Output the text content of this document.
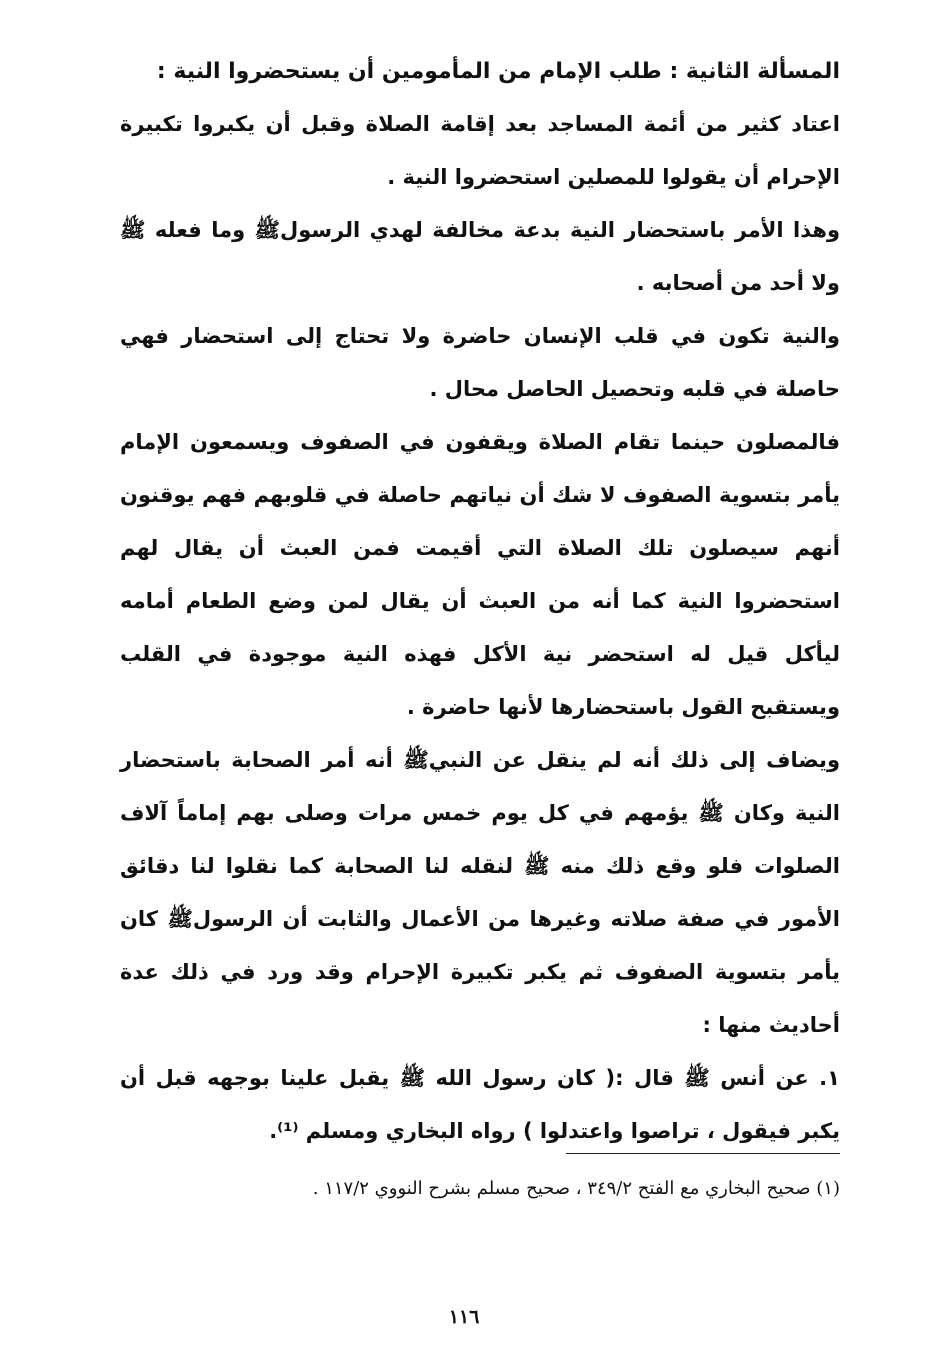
المسألة الثانية : طلب الإمام من المأمومين أن يستحضروا النية :

اعتاد كثير من أئمة المساجد بعد إقامة الصلاة وقبل أن يكبروا تكبيرة الإحرام أن يقولوا للمصلين استحضروا النية .

وهذا الأمر باستحضار النية بدعة مخالفة لهدي الرسولﷺ وما فعله ﷺ ولا أحد من أصحابه .

والنية تكون في قلب الإنسان حاضرة ولا تحتاج إلى استحضار فهي حاصلة في قلبه وتحصيل الحاصل محال .

فالمصلون حينما تقام الصلاة ويقفون في الصفوف ويسمعون الإمام يأمر بتسوية الصفوف لا شك أن نياتهم حاصلة في قلوبهم فهم يوقنون أنهم سيصلون تلك الصلاة التي أقيمت فمن العبث أن يقال لهم استحضروا النية كما أنه من العبث أن يقال لمن وضع الطعام أمامه ليأكل قيل له استحضر نية الأكل فهذه النية موجودة في القلب ويستقبح القول باستحضارها لأنها حاضرة .

ويضاف إلى ذلك أنه لم ينقل عن النبيﷺ أنه أمر الصحابة باستحضار النية وكان ﷺ يؤمهم في كل يوم خمس مرات وصلى بهم إماماً آلاف الصلوات فلو وقع ذلك منه ﷺ لنقله لنا الصحابة كما نقلوا لنا دقائق الأمور في صفة صلاته وغيرها من الأعمال والثابت أن الرسولﷺ كان يأمر بتسوية الصفوف ثم يكبر تكبيرة الإحرام وقد ورد في ذلك عدة أحاديث منها :

١. عن أنس ﷺ قال :( كان رسول الله ﷺ يقبل علينا بوجهه قبل أن يكبر فيقول ، تراصوا واعتدلوا ) رواه البخاري ومسلم ⁽¹⁾.

(١) صحيح البخاري مع الفتح ٣٤٩/٢ ، صحيح مسلم بشرح النووي ١١٧/٢ .

١١٦
